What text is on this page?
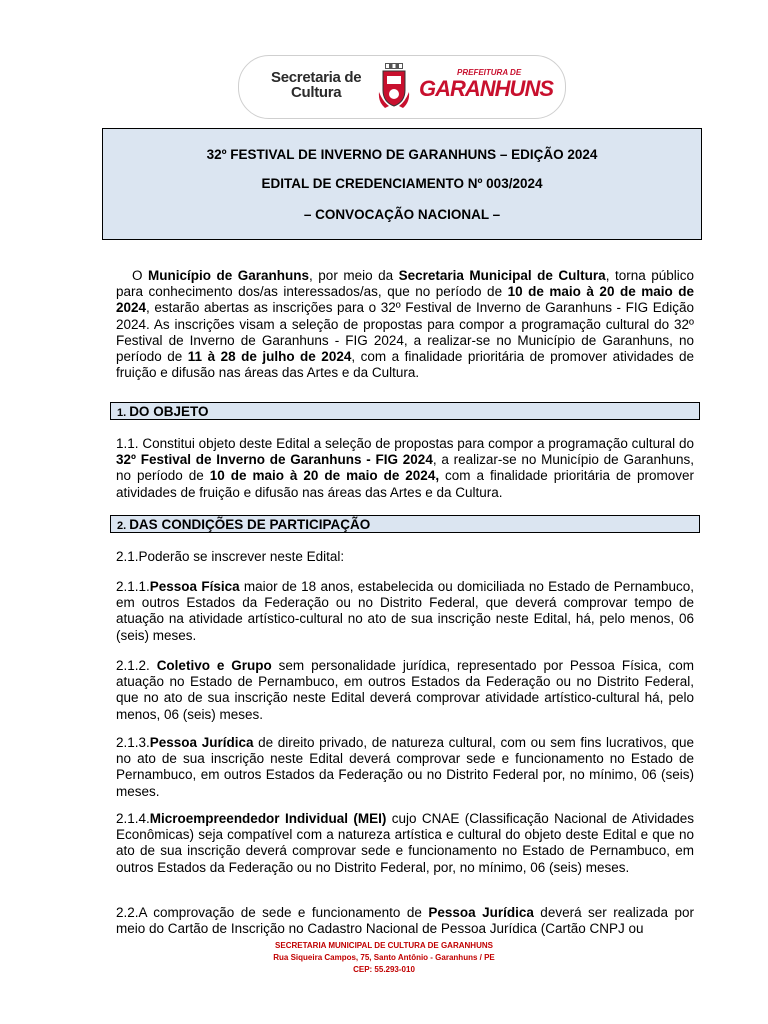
Secretaria de
Cultura
PREFEITURA DE
GARANHUNS
32º FESTIVAL DE INVERNO DE GARANHUNS – EDIÇÃO 2024
EDITAL DE CREDENCIAMENTO Nº 003/2024
– CONVOCAÇÃO NACIONAL –
O Município de Garanhuns, por meio da Secretaria Municipal de Cultura, torna público para conhecimento dos/as interessados/as, que no período de 10 de maio à 20 de maio de 2024, estarão abertas as inscrições para o 32º Festival de Inverno de Garanhuns - FIG Edição 2024. As inscrições visam a seleção de propostas para compor a programação cultural do 32º Festival de Inverno de Garanhuns - FIG 2024, a realizar-se no Município de Garanhuns, no período de 11 à 28 de julho de 2024, com a finalidade prioritária de promover atividades de fruição e difusão nas áreas das Artes e da Cultura.
1. DO OBJETO
1.1. Constitui objeto deste Edital a seleção de propostas para compor a programação cultural do 32º Festival de Inverno de Garanhuns - FIG 2024, a realizar-se no Município de Garanhuns, no período de 10 de maio à 20 de maio de 2024, com a finalidade prioritária de promover atividades de fruição e difusão nas áreas das Artes e da Cultura.
2. DAS CONDIÇÕES DE PARTICIPAÇÃO
2.1.Poderão se inscrever neste Edital:
2.1.1.Pessoa Física maior de 18 anos, estabelecida ou domiciliada no Estado de Pernambuco, em outros Estados da Federação ou no Distrito Federal, que deverá comprovar tempo de atuação na atividade artístico-cultural no ato de sua inscrição neste Edital, há, pelo menos, 06 (seis) meses.
2.1.2. Coletivo e Grupo sem personalidade jurídica, representado por Pessoa Física, com atuação no Estado de Pernambuco, em outros Estados da Federação ou no Distrito Federal, que no ato de sua inscrição neste Edital deverá comprovar atividade artístico-cultural há, pelo menos, 06 (seis) meses.
2.1.3.Pessoa Jurídica de direito privado, de natureza cultural, com ou sem fins lucrativos, que no ato de sua inscrição neste Edital deverá comprovar sede e funcionamento no Estado de Pernambuco, em outros Estados da Federação ou no Distrito Federal por, no mínimo, 06 (seis) meses.
2.1.4.Microempreendedor Individual (MEI) cujo CNAE (Classificação Nacional de Atividades Econômicas) seja compatível com a natureza artística e cultural do objeto deste Edital e que no ato de sua inscrição deverá comprovar sede e funcionamento no Estado de Pernambuco, em outros Estados da Federação ou no Distrito Federal, por, no mínimo, 06 (seis) meses.
2.2.A comprovação de sede e funcionamento de Pessoa Jurídica deverá ser realizada por meio do Cartão de Inscrição no Cadastro Nacional de Pessoa Jurídica (Cartão CNPJ ou
SECRETARIA MUNICIPAL DE CULTURA DE GARANHUNS
Rua Siqueira Campos, 75, Santo Antônio - Garanhuns / PE
CEP: 55.293-010
